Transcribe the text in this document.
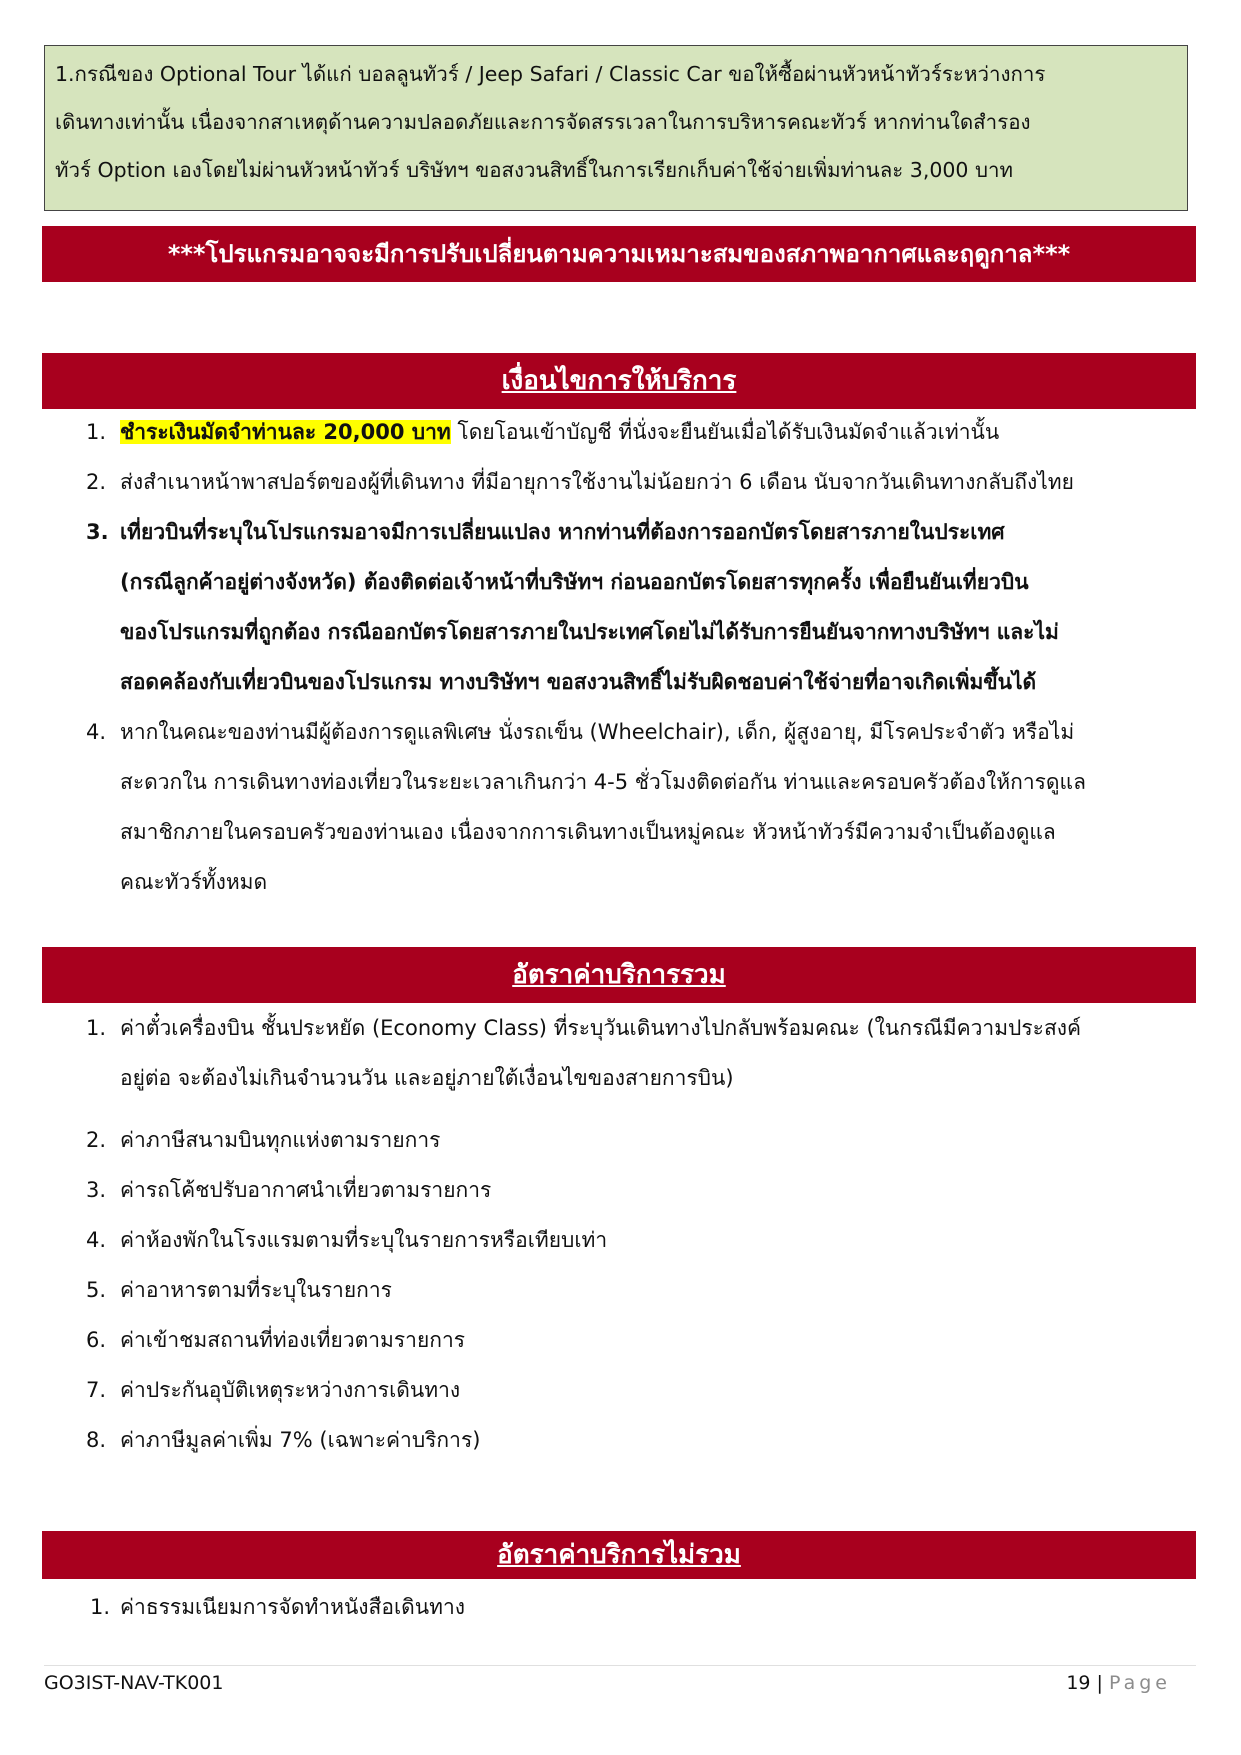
1.กรณีของ Optional Tour ได้แก่ บอลลูนทัวร์ / Jeep Safari / Classic Car ขอให้ซื้อผ่านหัวหน้าทัวร์ระหว่างการ
เดินทางเท่านั้น เนื่องจากสาเหตุด้านความปลอดภัยและการจัดสรรเวลาในการบริหารคณะทัวร์ หากท่านใดสำรอง
ทัวร์ Option เองโดยไม่ผ่านหัวหน้าทัวร์ บริษัทฯ ขอสงวนสิทธิ์ในการเรียกเก็บค่าใช้จ่ายเพิ่มท่านละ 3,000 บาท
***โปรแกรมอาจจะมีการปรับเปลี่ยนตามความเหมาะสมของสภาพอากาศและฤดูกาล***
เงื่อนไขการให้บริการ
1. ชำระเงินมัดจำท่านละ 20,000 บาท โดยโอนเข้าบัญชี ที่นั่งจะยืนยันเมื่อได้รับเงินมัดจำแล้วเท่านั้น
2. ส่งสำเนาหน้าพาสปอร์ตของผู้ที่เดินทาง ที่มีอายุการใช้งานไม่น้อยกว่า 6 เดือน นับจากวันเดินทางกลับถึงไทย
3. เที่ยวบินที่ระบุในโปรแกรมอาจมีการเปลี่ยนแปลง หากท่านที่ต้องการออกบัตรโดยสารภายในประเทศ
(กรณีลูกค้าอยู่ต่างจังหวัด) ต้องติดต่อเจ้าหน้าที่บริษัทฯ ก่อนออกบัตรโดยสารทุกครั้ง เพื่อยืนยันเที่ยวบิน
ของโปรแกรมที่ถูกต้อง กรณีออกบัตรโดยสารภายในประเทศโดยไม่ได้รับการยืนยันจากทางบริษัทฯ และไม่
สอดคล้องกับเที่ยวบินของโปรแกรม ทางบริษัทฯ ขอสงวนสิทธิ์ไม่รับผิดชอบค่าใช้จ่ายที่อาจเกิดเพิ่มขึ้นได้
4. หากในคณะของท่านมีผู้ต้องการดูแลพิเศษ นั่งรถเข็น (Wheelchair), เด็ก, ผู้สูงอายุ, มีโรคประจำตัว หรือไม่
สะดวกใน การเดินทางท่องเที่ยวในระยะเวลาเกินกว่า 4-5 ชั่วโมงติดต่อกัน ท่านและครอบครัวต้องให้การดูแล
สมาชิกภายในครอบครัวของท่านเอง เนื่องจากการเดินทางเป็นหมู่คณะ หัวหน้าทัวร์มีความจำเป็นต้องดูแล
คณะทัวร์ทั้งหมด
อัตราค่าบริการรวม
1. ค่าตั๋วเครื่องบิน ชั้นประหยัด (Economy Class) ที่ระบุวันเดินทางไปกลับพร้อมคณะ (ในกรณีมีความประสงค์
อยู่ต่อ จะต้องไม่เกินจำนวนวัน และอยู่ภายใต้เงื่อนไขของสายการบิน)
2. ค่าภาษีสนามบินทุกแห่งตามรายการ
3. ค่ารถโค้ชปรับอากาศนำเที่ยวตามรายการ
4. ค่าห้องพักในโรงแรมตามที่ระบุในรายการหรือเทียบเท่า
5. ค่าอาหารตามที่ระบุในรายการ
6. ค่าเข้าชมสถานที่ท่องเที่ยวตามรายการ
7. ค่าประกันอุบัติเหตุระหว่างการเดินทาง
8. ค่าภาษีมูลค่าเพิ่ม 7% (เฉพาะค่าบริการ)
อัตราค่าบริการไม่รวม
1. ค่าธรรมเนียมการจัดทำหนังสือเดินทาง
GO3IST-NAV-TK001	19 | Page
